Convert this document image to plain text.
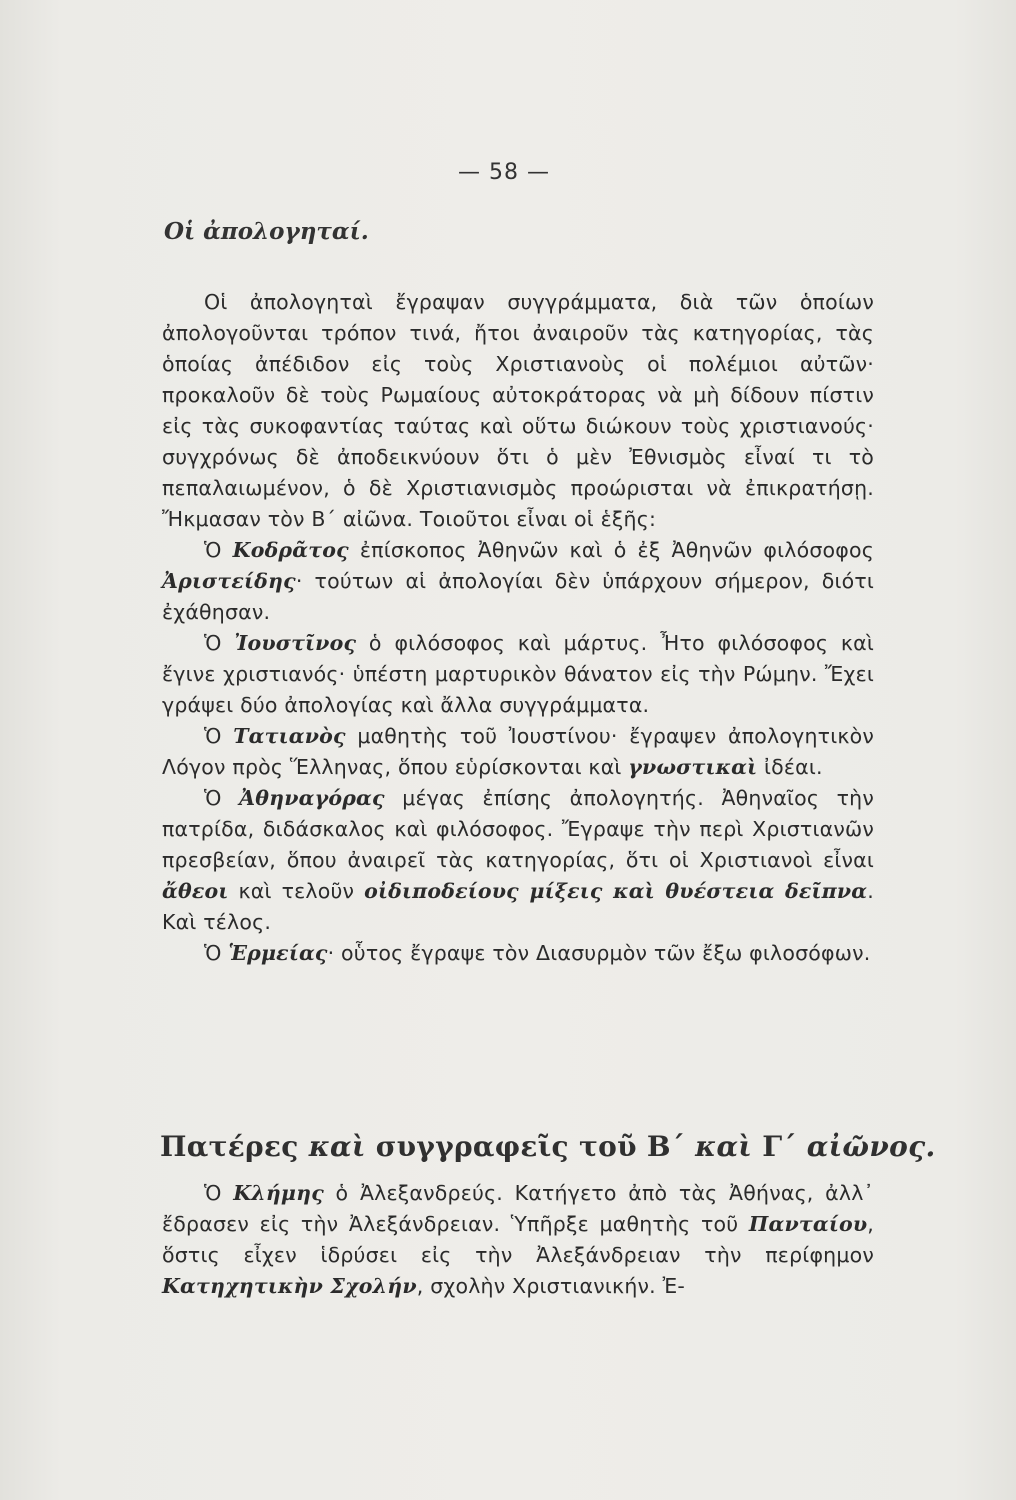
— 58 —
Οἱ ἀπολογηταί.

Οἱ ἀπολογηταὶ ἔγραψαν συγγράμματα, διὰ τῶν ὁποίων ἀπολογοῦνται τρόπον τινά, ἤτοι ἀναιροῦν τὰς κατηγορίας, τὰς ὁποίας ἀπέδιδον εἰς τοὺς Χριστιανοὺς οἱ πολέμιοι αὐτῶν· προκαλοῦν δὲ τοὺς Ρωμαίους αὐτοκράτορας νὰ μὴ δίδουν πίστιν εἰς τὰς συκοφαντίας ταύτας καὶ οὕτω διώκουν τοὺς χριστιανούς· συγχρόνως δὲ ἀποδεικνύουν ὅτι ὁ μὲν Ἐθνισμὸς εἶναί τι τὸ πεπαλαιωμένον, ὁ δὲ Χριστιανισμὸς προώρισται νὰ ἐπικρατήσῃ. Ἤκμασαν τὸν Β΄ αἰῶνα. Τοιοῦτοι εἶναι οἱ ἑξῆς:

Ὁ Κοδρᾶτος ἐπίσκοπος Ἀθηνῶν καὶ ὁ ἐξ Ἀθηνῶν φιλόσοφος Ἀριστείδης· τούτων αἱ ἀπολογίαι δὲν ὑπάρχουν σήμερον, διότι ἐχάθησαν.

Ὁ Ἰουστῖνος ὁ φιλόσοφος καὶ μάρτυς. Ἦτο φιλόσοφος καὶ ἔγινε χριστιανός· ὑπέστη μαρτυρικὸν θάνατον εἰς τὴν Ρώμην. Ἔχει γράψει δύο ἀπολογίας καὶ ἄλλα συγγράμματα.

Ὁ Τατιανὸς μαθητὴς τοῦ Ἰουστίνου· ἔγραψεν ἀπολογητικὸν Λόγον πρὸς Ἕλληνας, ὅπου εὑρίσκονται καὶ γνωστικαὶ ἰδέαι.

Ὁ Ἀθηναγόρας μέγας ἐπίσης ἀπολογητής. Ἀθηναῖος τὴν πατρίδα, διδάσκαλος καὶ φιλόσοφος. Ἔγραψε τὴν περὶ Χριστιανῶν πρεσβείαν, ὅπου ἀναιρεῖ τὰς κατηγορίας, ὅτι οἱ Χριστιανοὶ εἶναι ἄθεοι καὶ τελοῦν οἰδιποδείους μίξεις καὶ θυέστεια δεῖπνα. Καὶ τέλος.

Ὁ Ἑρμείας· οὗτος ἔγραψε τὸν Διασυρμὸν τῶν ἔξω φιλοσόφων.

Πατέρες καὶ συγγραφεῖς τοῦ Β΄ καὶ Γ΄ αἰῶνος.

Ὁ Κλήμης ὁ Ἀλεξανδρεύς. Κατήγετο ἀπὸ τὰς Ἀθήνας, ἀλλ᾽ ἔδρασεν εἰς τὴν Ἀλεξάνδρειαν. Ὑπῆρξε μαθητὴς τοῦ Πανταίου, ὅστις εἶχεν ἱδρύσει εἰς τὴν Ἀλεξάνδρειαν τὴν περίφημον Κατηχητικὴν Σχολήν, σχολὴν Χριστιανικήν. Ἐ-
